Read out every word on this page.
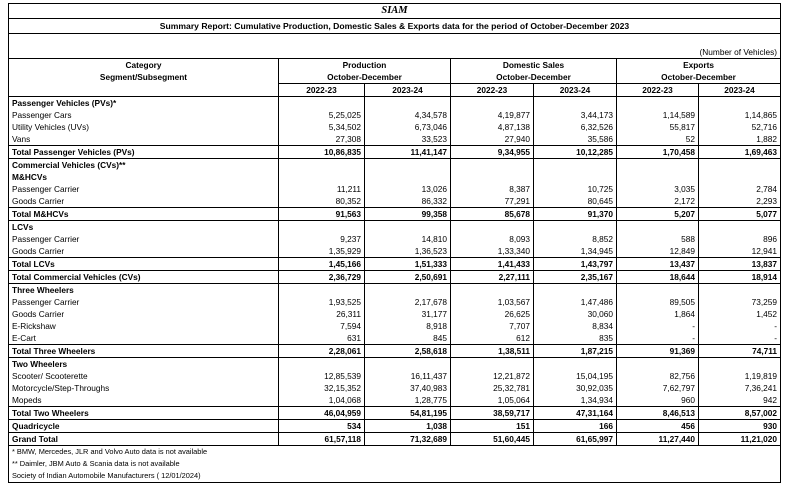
SIAM						
Summary Report: Cumulative Production, Domestic Sales & Exports data for the period of October-December 2023						

(Number of Vehicles)						
Category	Production		Domestic Sales		Exports	
Segment/Subsegment	October-December		October-December		October-December	
	2022-23	2023-24	2022-23	2023-24	2022-23	2023-24
Passenger Vehicles (PVs)*						
Passenger Cars	5,25,025	4,34,578	4,19,877	3,44,173	1,14,589	1,14,865
Utility Vehicles (UVs)	5,34,502	6,73,046	4,87,138	6,32,526	55,817	52,716
Vans	27,308	33,523	27,940	35,586	52	1,882
Total Passenger Vehicles (PVs)	10,86,835	11,41,147	9,34,955	10,12,285	1,70,458	1,69,463
Commercial Vehicles (CVs)**						
M&HCVs						
Passenger Carrier	11,211	13,026	8,387	10,725	3,035	2,784
Goods Carrier	80,352	86,332	77,291	80,645	2,172	2,293
Total M&HCVs	91,563	99,358	85,678	91,370	5,207	5,077
LCVs						
Passenger Carrier	9,237	14,810	8,093	8,852	588	896
Goods Carrier	1,35,929	1,36,523	1,33,340	1,34,945	12,849	12,941
Total LCVs	1,45,166	1,51,333	1,41,433	1,43,797	13,437	13,837
Total Commercial Vehicles (CVs)	2,36,729	2,50,691	2,27,111	2,35,167	18,644	18,914
Three Wheelers						
Passenger Carrier	1,93,525	2,17,678	1,03,567	1,47,486	89,505	73,259
Goods Carrier	26,311	31,177	26,625	30,060	1,864	1,452
E-Rickshaw	7,594	8,918	7,707	8,834	-	-
E-Cart	631	845	612	835	-	-
Total Three Wheelers	2,28,061	2,58,618	1,38,511	1,87,215	91,369	74,711
Two Wheelers						
Scooter/ Scooterette	12,85,539	16,11,437	12,21,872	15,04,195	82,756	1,19,819
Motorcycle/Step-Throughs	32,15,352	37,40,983	25,32,781	30,92,035	7,62,797	7,36,241
Mopeds	1,04,068	1,28,775	1,05,064	1,34,934	960	942
Total Two Wheelers	46,04,959	54,81,195	38,59,717	47,31,164	8,46,513	8,57,002
Quadricycle	534	1,038	151	166	456	930
Grand Total	61,57,118	71,32,689	51,60,445	61,65,997	11,27,440	11,21,020
* BMW, Mercedes, JLR and Volvo Auto data is not available						
** Daimler, JBM Auto & Scania data is not available						
Society of Indian Automobile Manufacturers ( 12/01/2024)						
